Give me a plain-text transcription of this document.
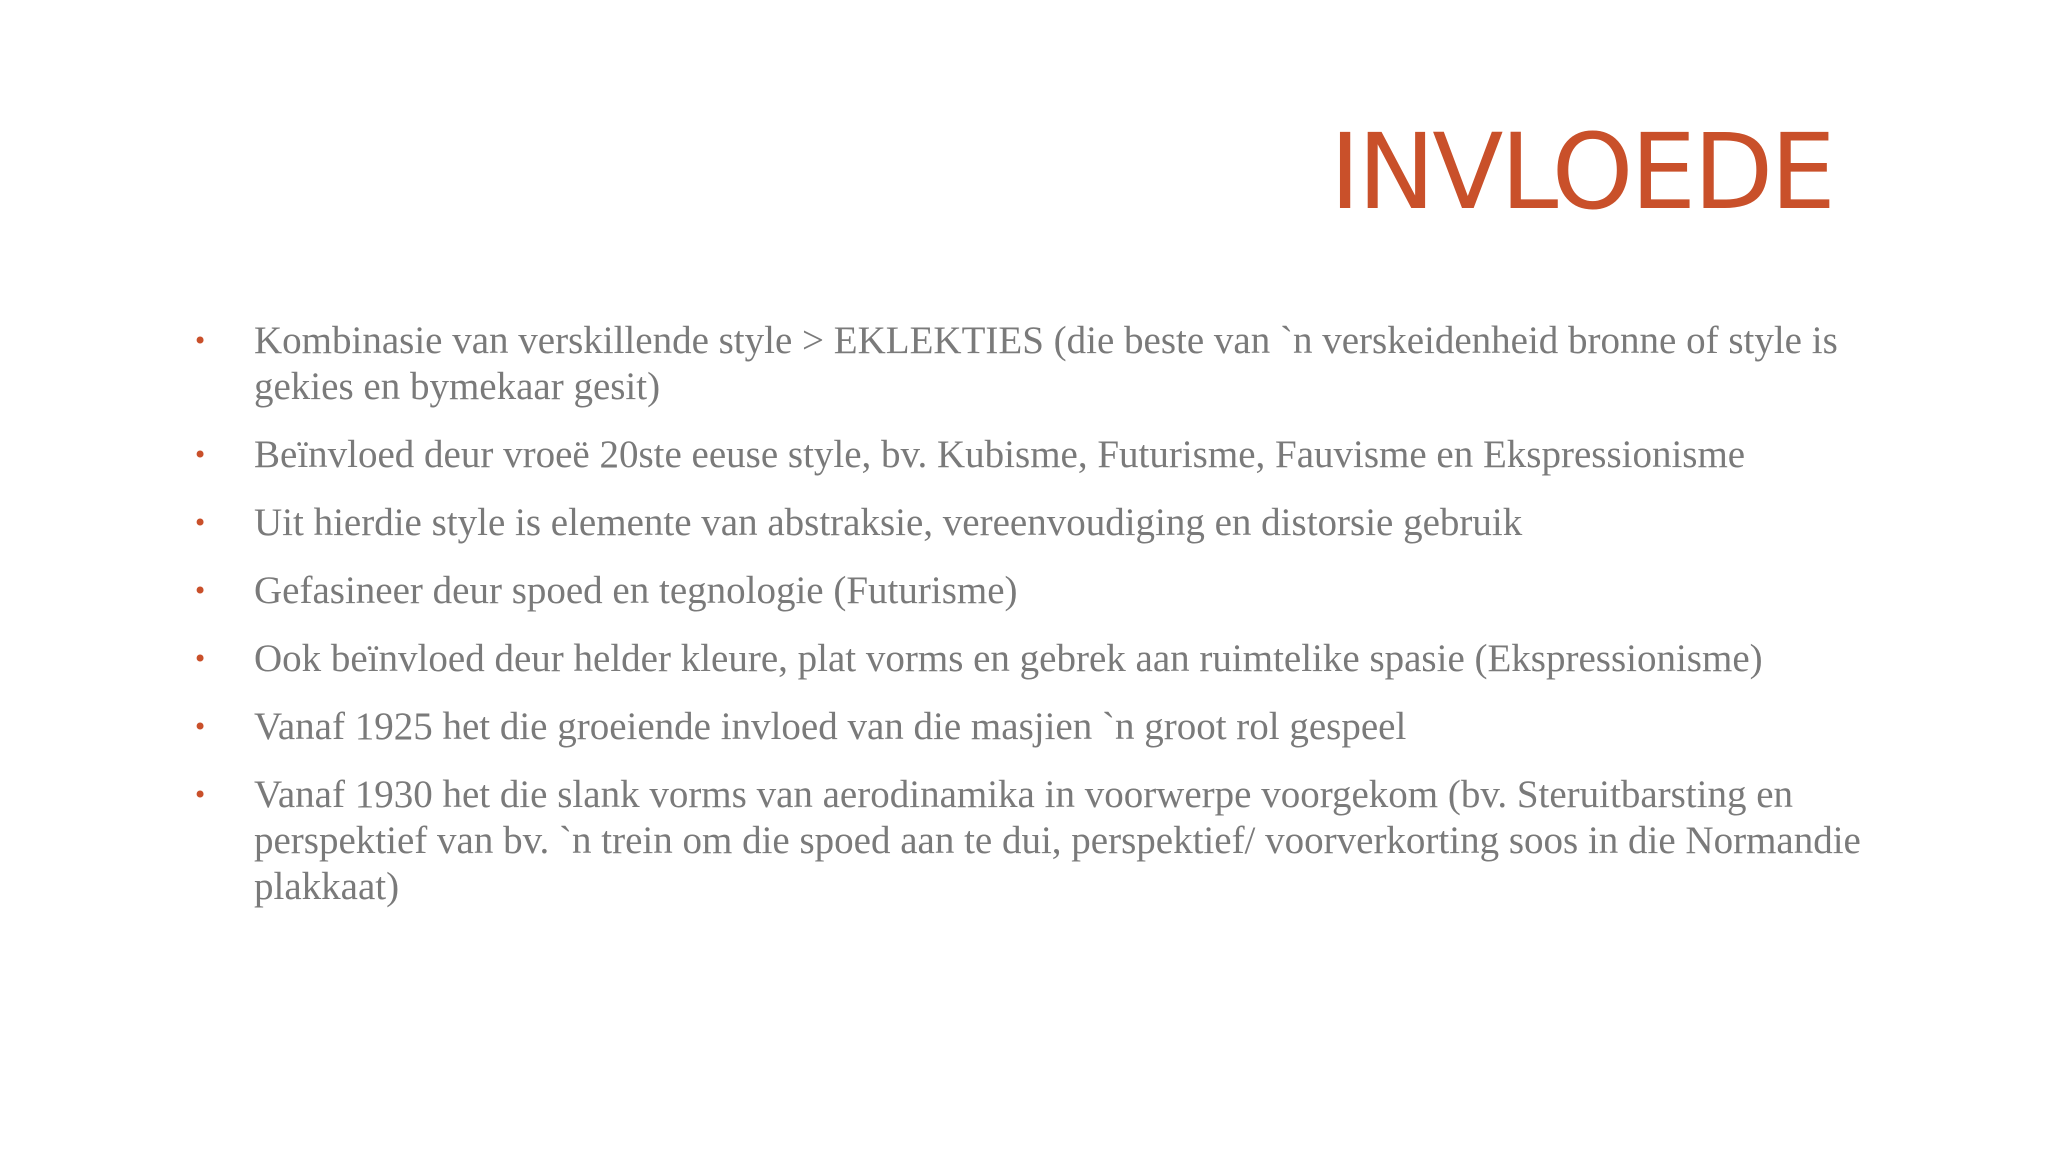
INVLOEDE
• Kombinasie van verskillende style > EKLEKTIES (die beste van `n verskeidenheid bronne of style is gekies en bymekaar gesit)
• Beïnvloed deur vroeë 20ste eeuse style, bv. Kubisme, Futurisme, Fauvisme en Ekspressionisme
• Uit hierdie style is elemente van abstraksie, vereenvoudiging en distorsie gebruik
• Gefasineer deur spoed en tegnologie (Futurisme)
• Ook beïnvloed deur helder kleure, plat vorms en gebrek aan ruimtelike spasie (Ekspressionisme)
• Vanaf 1925 het die groeiende invloed van die masjien `n groot rol gespeel
• Vanaf 1930 het die slank vorms van aerodinamika in voorwerpe voorgekom (bv. Steruitbarsting en perspektief van bv. `n trein om die spoed aan te dui, perspektief/ voorverkorting soos in die Normandie plakkaat)
